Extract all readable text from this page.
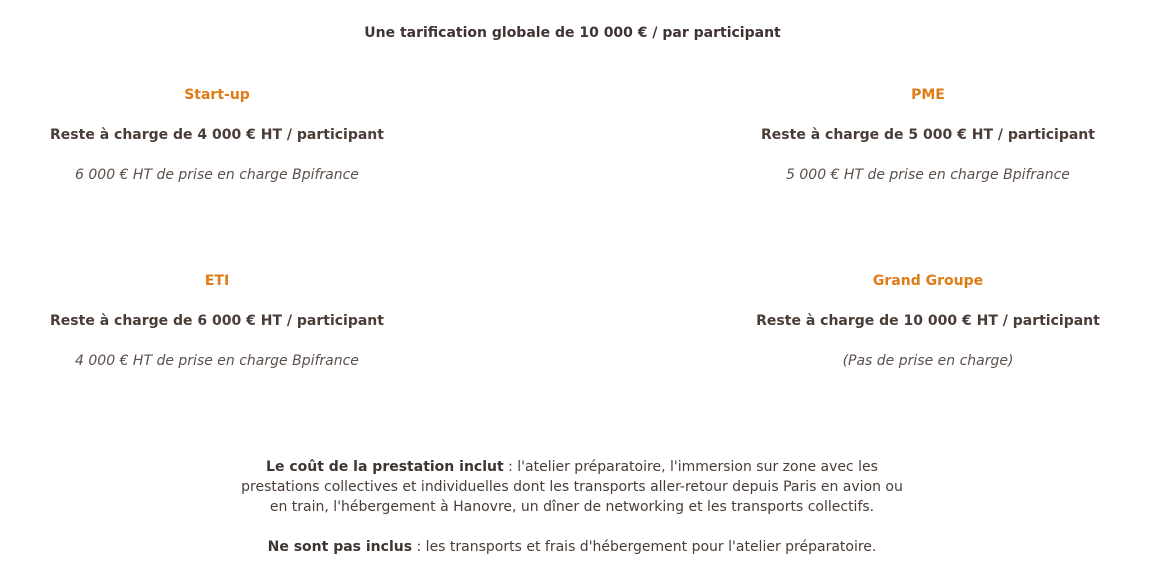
Une tarification globale de 10 000 € / par participant
Start-up
Reste à charge de 4 000 € HT / participant
6 000 € HT de prise en charge Bpifrance
PME
Reste à charge de 5 000 € HT / participant
5 000 € HT de prise en charge Bpifrance
ETI
Reste à charge de 6 000 € HT / participant
4 000 € HT de prise en charge Bpifrance
Grand Groupe
Reste à charge de 10 000 € HT / participant
(Pas de prise en charge)

Le coût de la prestation inclut : l'atelier préparatoire, l'immersion sur zone avec les prestations collectives et individuelles dont les transports aller-retour depuis Paris en avion ou en train, l'hébergement à Hanovre, un dîner de networking et les transports collectifs.

Ne sont pas inclus : les transports et frais d'hébergement pour l'atelier préparatoire.
